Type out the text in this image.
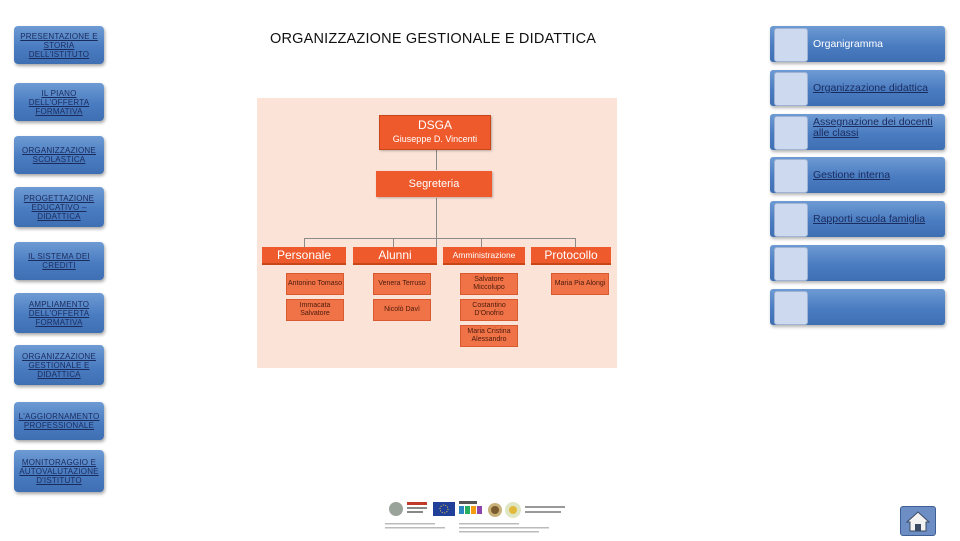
PRESENTAZIONE E STORIA DELL'ISTITUTO
IL PIANO DELL'OFFERTA FORMATIVA
ORGANIZZAZIONE SCOLASTICA
PROGETTAZIONE EDUCATIVO – DIDATTICA
IL SISTEMA DEI CREDITI
AMPLIAMENTO DELL'OFFERTA FORMATIVA
ORGANIZZAZIONE GESTIONALE E DIDATTICA
L'AGGIORNAMENTO PROFESSIONALE
MONITORAGGIO E AUTOVALUTAZIONE D'ISTITUTO
ORGANIZZAZIONE GESTIONALE E DIDATTICA
DSGA
Giuseppe D. Vincenti
Segreteria
Personale	Alunni	Amministrazione	Protocollo
Antonino Tomaso
Immacata Salvatore
Venera Terruso
Nicolò Davì
Salvatore Miccolupo
Costantino D'Onofrio
Maria Cristina Alessandro
Maria Pia Alongi
Organigramma
Organizzazione didattica
Assegnazione dei docenti alle classi
Gestione interna
Rapporti scuola famiglia
